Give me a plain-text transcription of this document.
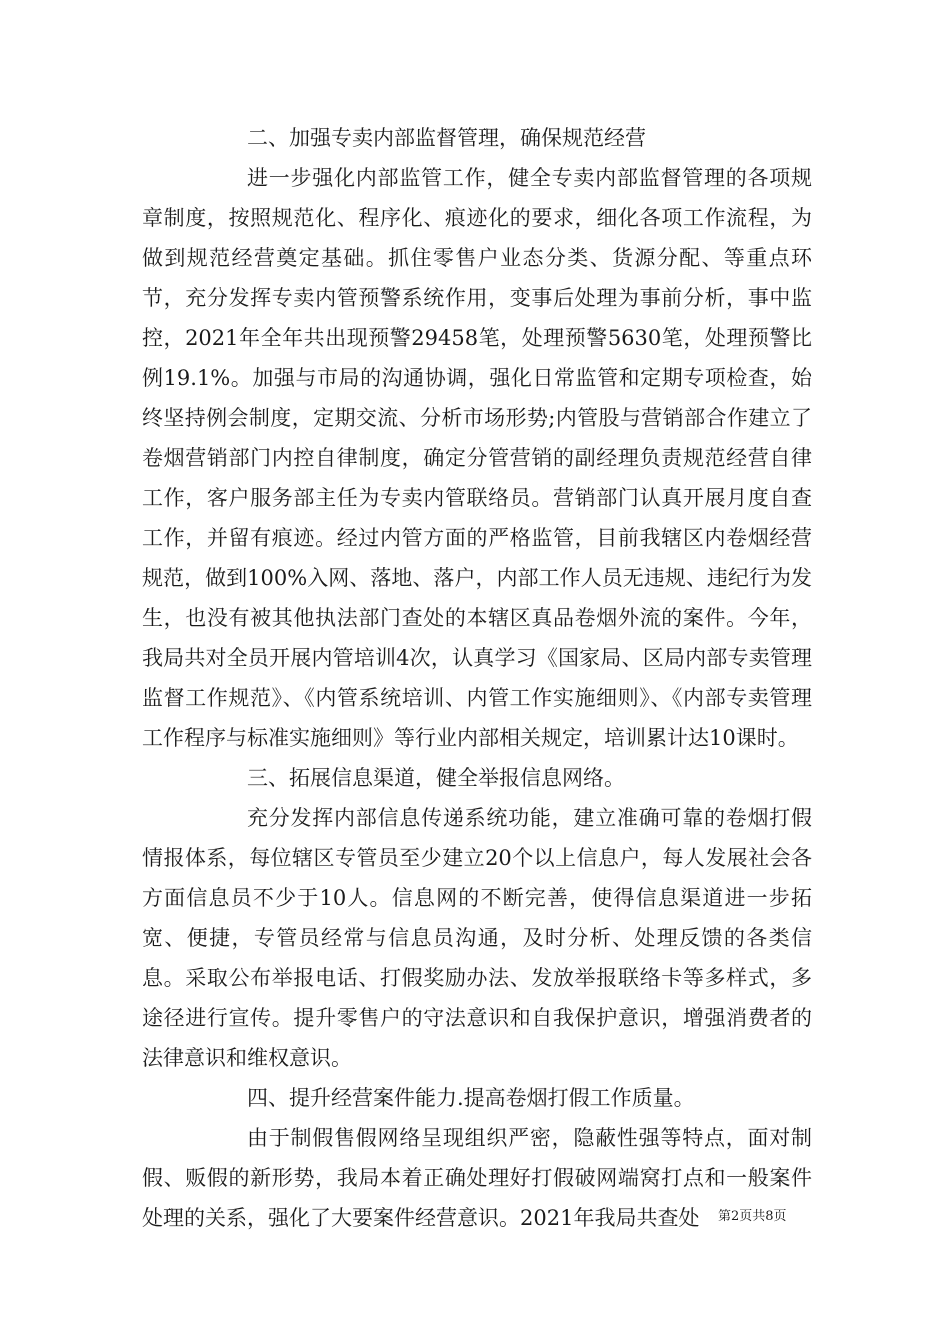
二、加强专卖内部监督管理，确保规范经营

进一步强化内部监管工作，健全专卖内部监督管理的各项规章制度，按照规范化、程序化、痕迹化的要求，细化各项工作流程，为做到规范经营奠定基础。抓住零售户业态分类、货源分配、等重点环节，充分发挥专卖内管预警系统作用，变事后处理为事前分析，事中监控，2021年全年共出现预警29458笔，处理预警5630笔，处理预警比例19.1%。加强与市局的沟通协调，强化日常监管和定期专项检查，始终坚持例会制度，定期交流、分析市场形势;内管股与营销部合作建立了卷烟营销部门内控自律制度，确定分管营销的副经理负责规范经营自律工作，客户服务部主任为专卖内管联络员。营销部门认真开展月度自查工作，并留有痕迹。经过内管方面的严格监管，目前我辖区内卷烟经营规范，做到100%入网、落地、落户，内部工作人员无违规、违纪行为发生，也没有被其他执法部门查处的本辖区真品卷烟外流的案件。今年，我局共对全员开展内管培训4次，认真学习《国家局、区局内部专卖管理监督工作规范》、《内管系统培训、内管工作实施细则》、《内部专卖管理工作程序与标准实施细则》等行业内部相关规定，培训累计达10课时。

三、拓展信息渠道，健全举报信息网络。

充分发挥内部信息传递系统功能，建立准确可靠的卷烟打假情报体系，每位辖区专管员至少建立20个以上信息户，每人发展社会各方面信息员不少于10人。信息网的不断完善，使得信息渠道进一步拓宽、便捷，专管员经常与信息员沟通，及时分析、处理反馈的各类信息。采取公布举报电话、打假奖励办法、发放举报联络卡等多样式，多途径进行宣传。提升零售户的守法意识和自我保护意识，增强消费者的法律意识和维权意识。

四、提升经营案件能力.提高卷烟打假工作质量。

由于制假售假网络呈现组织严密，隐蔽性强等特点，面对制假、贩假的新形势，我局本着正确处理好打假破网端窝打点和一般案件处理的关系，强化了大要案件经营意识。2021年我局共查处	第2页共8页
